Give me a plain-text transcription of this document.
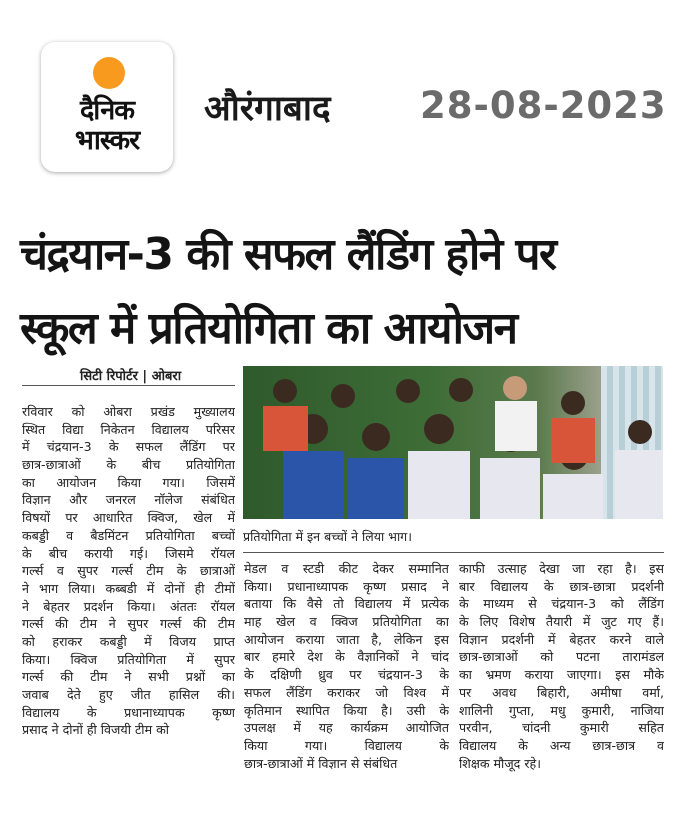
दैनिक
भास्कर
औरंगाबाद 28-08-2023
चंद्रयान-3 की सफल लैंडिंग होने पर
स्कूल में प्रतियोगिता का आयोजन
सिटी रिपोर्टर | ओबरा
प्रतियोगिता में इन बच्चों ने लिया भाग।
रविवार को ओबरा प्रखंड मुख्यालय
स्थित विद्या निकेतन विद्यालय परिसर
में चंद्रयान-3 के सफल लैंडिंग पर
छात्र-छात्राओं के बीच प्रतियोगिता
का आयोजन किया गया। जिसमें
विज्ञान और जनरल नॉलेज संबंधित
विषयों पर आधारित क्विज, खेल में
कबड्डी व बैडमिंटन प्रतियोगिता बच्चों
के बीच करायी गई। जिसमे रॉयल
गर्ल्स व सुपर गर्ल्स टीम के छात्राओं
ने भाग लिया। कब्बडी में दोनों ही टीमों
ने बेहतर प्रदर्शन किया। अंततः रॉयल
गर्ल्स की टीम ने सुपर गर्ल्स की टीम
को हराकर कबड्डी में विजय प्राप्त
किया। क्विज प्रतियोगिता में सुपर
गर्ल्स की टीम ने सभी प्रश्नों का
जवाब देते हुए जीत हासिल की।
विद्यालय के प्रधानाध्यापक कृष्ण
प्रसाद ने दोनों ही विजयी टीम को
मेडल व स्टडी कीट देकर सम्मानित
किया। प्रधानाध्यापक कृष्ण प्रसाद ने
बताया कि वैसे तो विद्यालय में प्रत्येक
माह खेल व क्विज प्रतियोगिता का
आयोजन कराया जाता है, लेकिन इस
बार हमारे देश के वैज्ञानिकों ने चांद
के दक्षिणी ध्रुव पर चंद्रयान-3 के
सफल लैंडिंग कराकर जो विश्व में
कृतिमान स्थापित किया है। उसी के
उपलक्ष में यह कार्यक्रम आयोजित
किया गया। विद्यालय के
छात्र-छात्राओं में विज्ञान से संबंधित
काफी उत्साह देखा जा रहा है। इस
बार विद्यालय के छात्र-छात्रा प्रदर्शनी
के माध्यम से चंद्रयान-3 को लैंडिंग
के लिए विशेष तैयारी में जुट गए हैं।
विज्ञान प्रदर्शनी में बेहतर करने वाले
छात्र-छात्राओं को पटना तारामंडल
का भ्रमण कराया जाएगा। इस मौके
पर अवध बिहारी, अमीषा वर्मा,
शालिनी गुप्ता, मधु कुमारी, नाजिया
परवीन, चांदनी कुमारी सहित
विद्यालय के अन्य छात्र-छात्र व
शिक्षक मौजूद रहे।
